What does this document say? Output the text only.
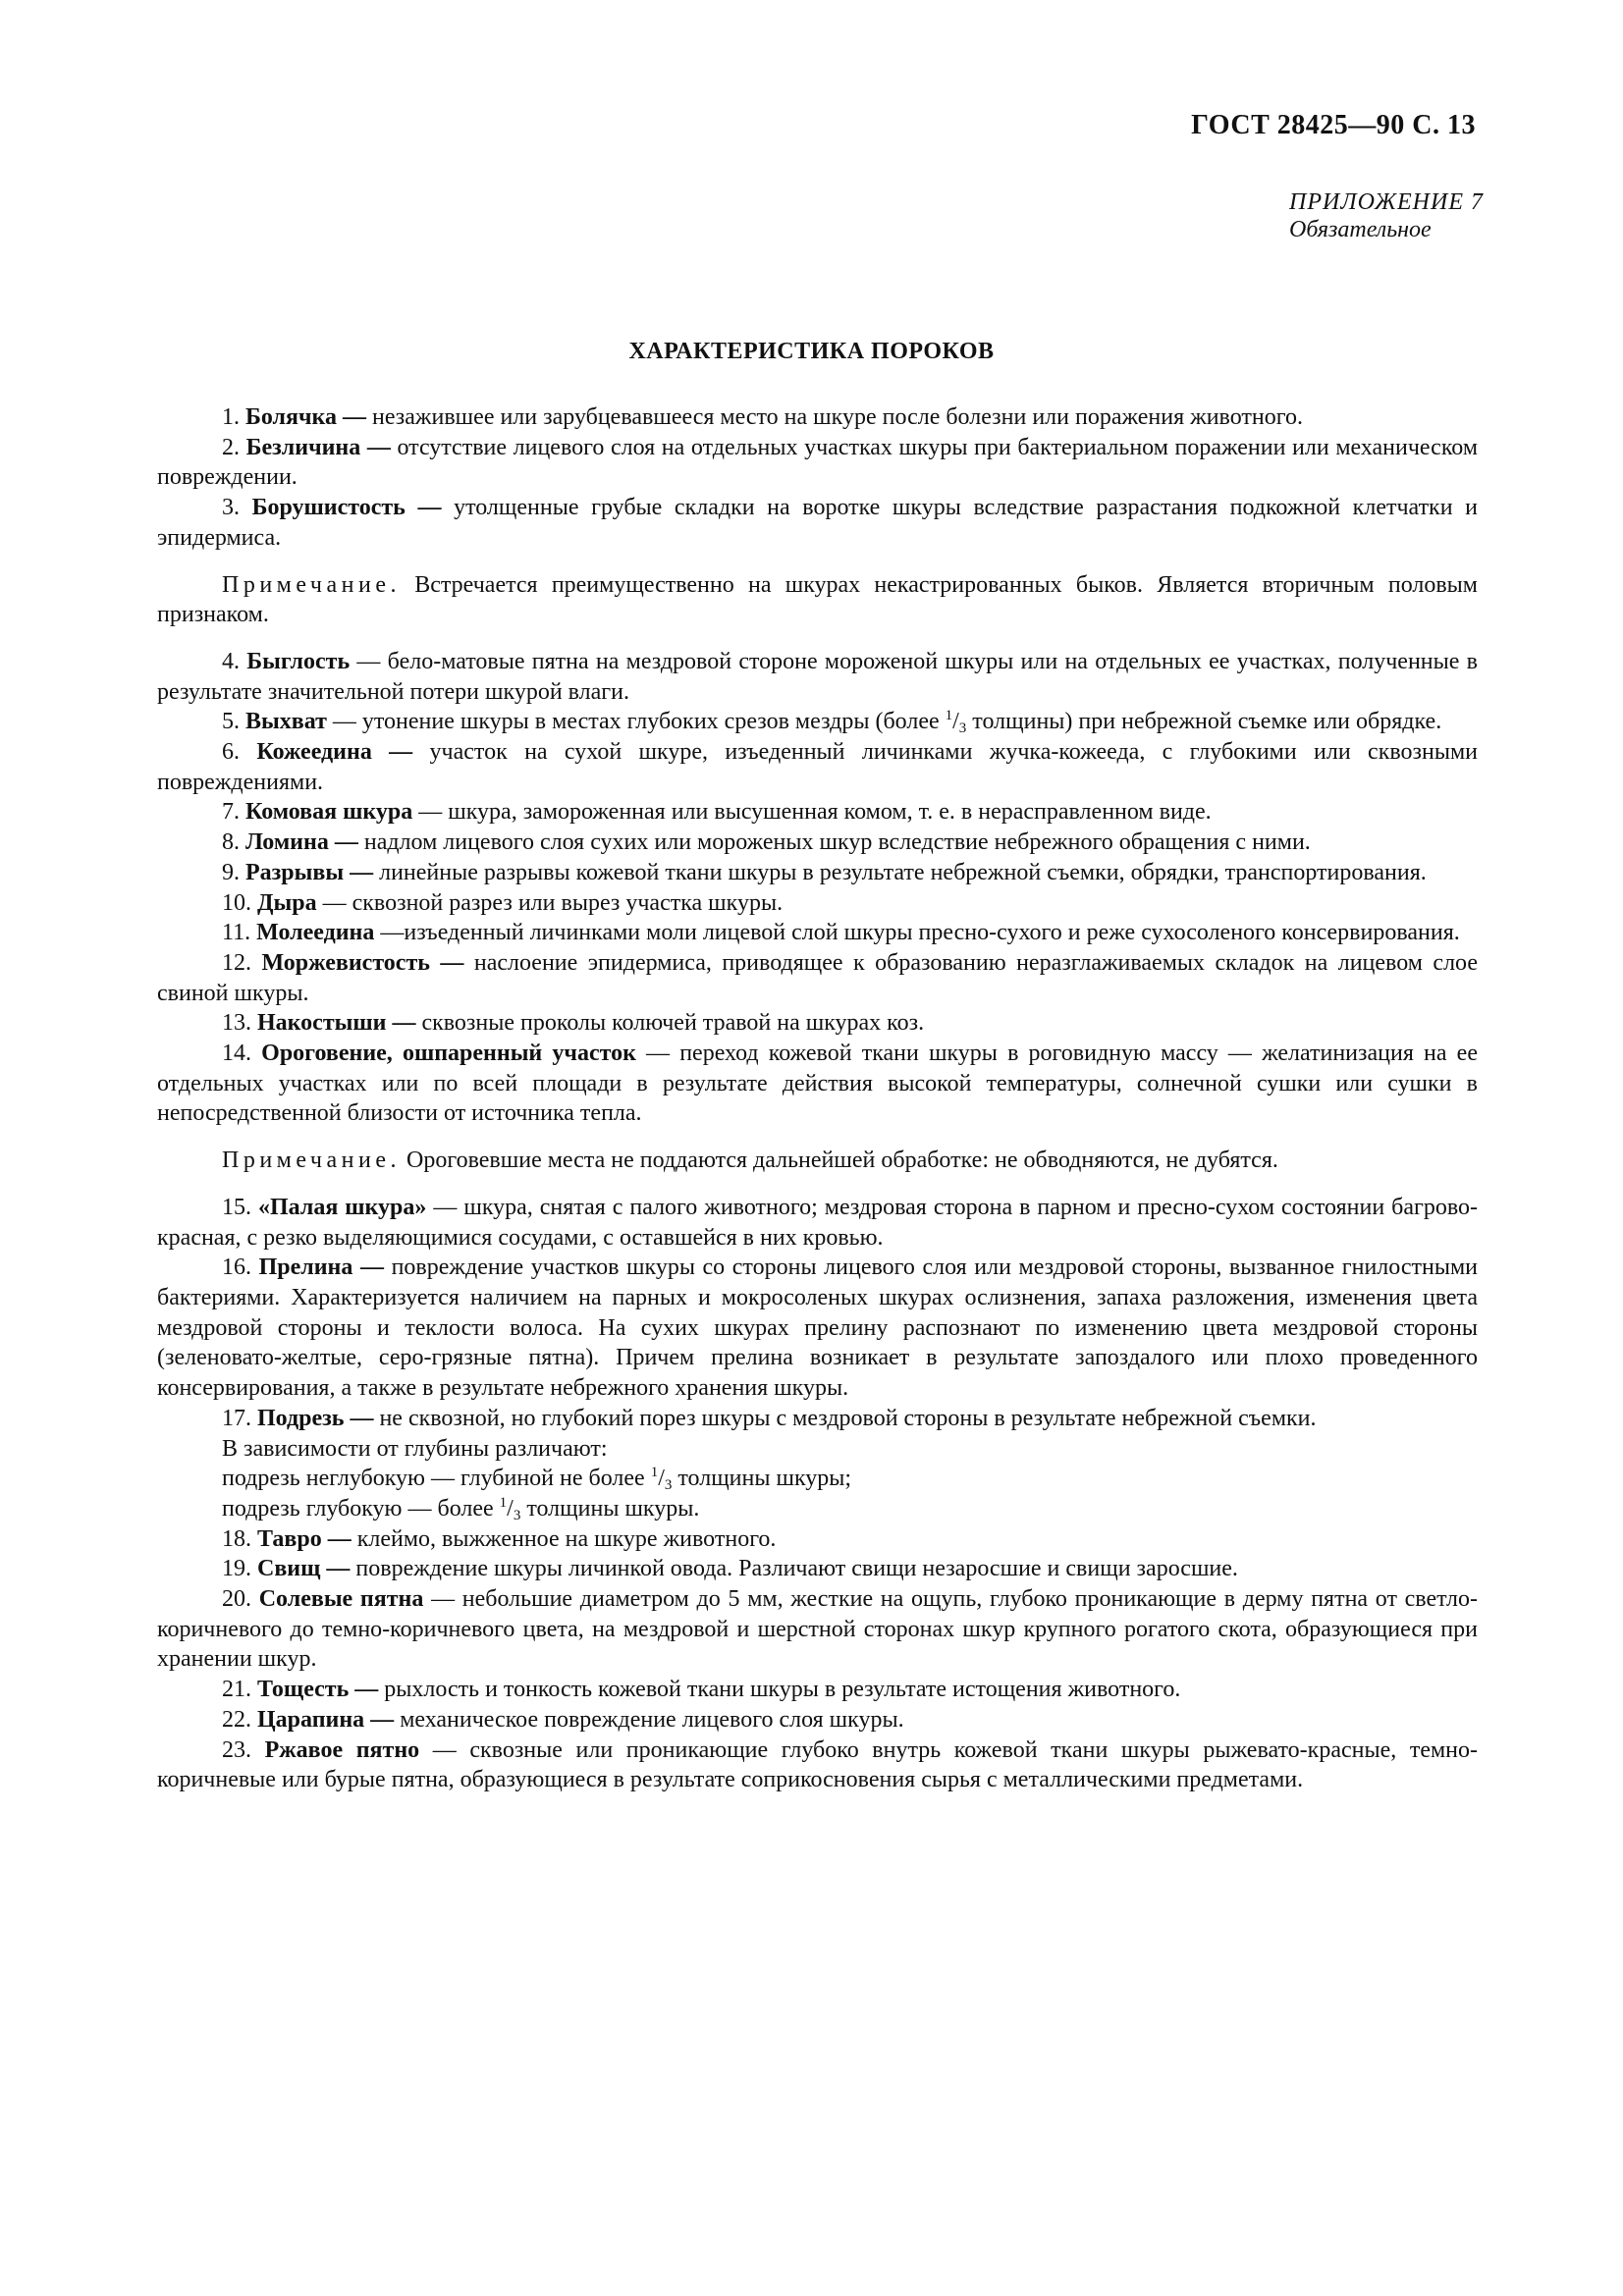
ГОСТ 28425—90 С. 13
ПРИЛОЖЕНИЕ 7
Обязательное
ХАРАКТЕРИСТИКА ПОРОКОВ

1. Болячка — незажившее или зарубцевавшееся место на шкуре после болезни или поражения животного.

2. Безличина — отсутствие лицевого слоя на отдельных участках шкуры при бактериальном поражении или механическом повреждении.

3. Борушистость — утолщенные грубые складки на воротке шкуры вследствие разрастания подкожной клетчатки и эпидермиса.

Примечание. Встречается преимущественно на шкурах некастрированных быков. Является вторичным половым признаком.

4. Быглость — бело-матовые пятна на мездровой стороне мороженой шкуры или на отдельных ее участках, полученные в результате значительной потери шкурой влаги.

5. Выхват — утонение шкуры в местах глубоких срезов мездры (более $^1/_3$ толщины) при небрежной съемке или обрядке.

6. Кожеедина — участок на сухой шкуре, изъеденный личинками жучка-кожееда, с глубокими или сквозными повреждениями.

7. Комовая шкура — шкура, замороженная или высушенная комом, т. е. в нерасправленном виде.

8. Ломина — надлом лицевого слоя сухих или мороженых шкур вследствие небрежного обращения с ними.

9. Разрывы — линейные разрывы кожевой ткани шкуры в результате небрежной съемки, обрядки, транспортирования.

10. Дыра — сквозной разрез или вырез участка шкуры.

11. Молеедина —изъеденный личинками моли лицевой слой шкуры пресно-сухого и реже сухосоленого консервирования.

12. Моржевистость — наслоение эпидермиса, приводящее к образованию неразглаживаемых складок на лицевом слое свиной шкуры.

13. Накостыши — сквозные проколы колючей травой на шкурах коз.

14. Ороговение, ошпаренный участок — переход кожевой ткани шкуры в роговидную массу — желатинизация на ее отдельных участках или по всей площади в результате действия высокой температуры, солнечной сушки или сушки в непосредственной близости от источника тепла.

Примечание. Ороговевшие места не поддаются дальнейшей обработке: не обводняются, не дубятся.

15. «Палая шкура» — шкура, снятая с палого животного; мездровая сторона в парном и пресно-сухом состоянии багрово-красная, с резко выделяющимися сосудами, с оставшейся в них кровью.

16. Прелина — повреждение участков шкуры со стороны лицевого слоя или мездровой стороны, вызванное гнилостными бактериями. Характеризуется наличием на парных и мокросоленых шкурах ослизнения, запаха разложения, изменения цвета мездровой стороны и теклости волоса. На сухих шкурах прелину распознают по изменению цвета мездровой стороны (зеленовато-желтые, серо-грязные пятна). Причем прелина возникает в результате запоздалого или плохо проведенного консервирования, а также в результате небрежного хранения шкуры.

17. Подрезь — не сквозной, но глубокий порез шкуры с мездровой стороны в результате небрежной съемки.

В зависимости от глубины различают:

подрезь неглубокую — глубиной не более $^1/_3$ толщины шкуры;

подрезь глубокую — более $^1/_3$ толщины шкуры.

18. Тавро — клеймо, выжженное на шкуре животного.

19. Свищ — повреждение шкуры личинкой овода. Различают свищи незаросшие и свищи заросшие.

20. Солевые пятна — небольшие диаметром до 5 мм, жесткие на ощупь, глубоко проникающие в дерму пятна от светло-коричневого до темно-коричневого цвета, на мездровой и шерстной сторонах шкур крупного рогатого скота, образующиеся при хранении шкур.

21. Тощесть — рыхлость и тонкость кожевой ткани шкуры в результате истощения животного.

22. Царапина — механическое повреждение лицевого слоя шкуры.

23. Ржавое пятно — сквозные или проникающие глубоко внутрь кожевой ткани шкуры рыжевато-красные, темно-коричневые или бурые пятна, образующиеся в результате соприкосновения сырья с металлическими предметами.
